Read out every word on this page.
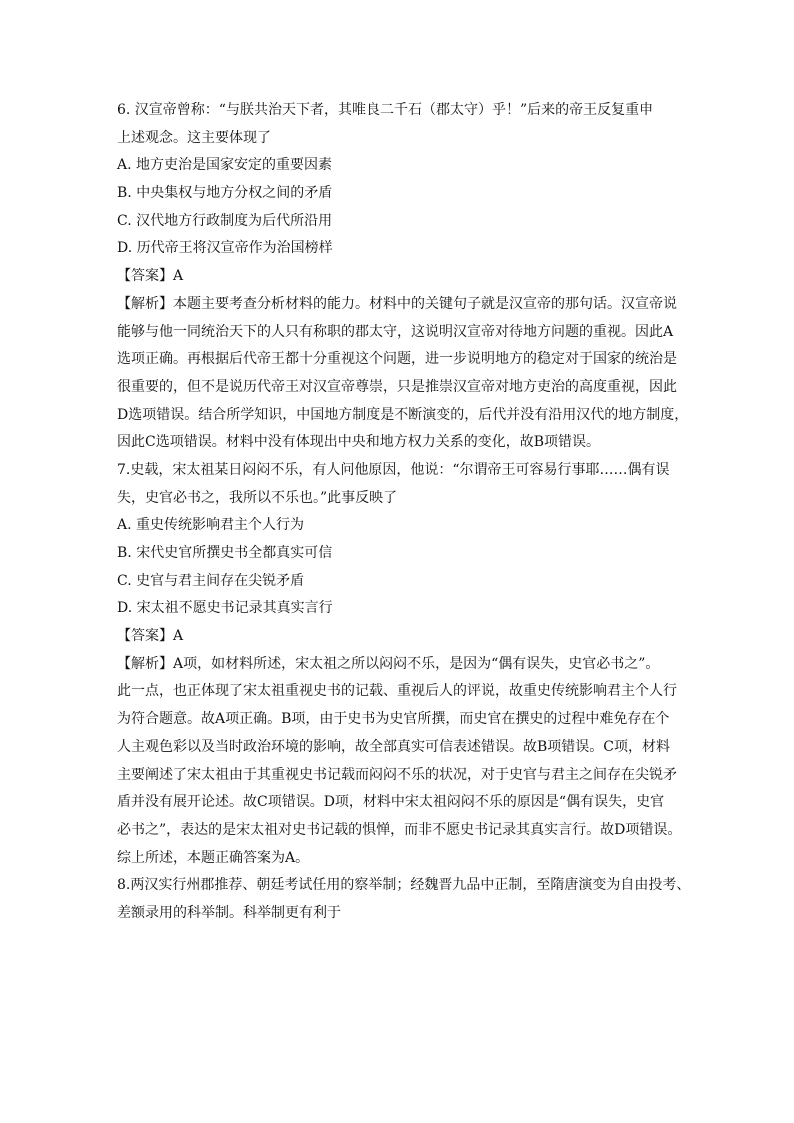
6. 汉宣帝曾称：“与朕共治天下者，其唯良二千石（郡太守）乎！”后来的帝王反复重申
上述观念。这主要体现了
A. 地方吏治是国家安定的重要因素
B. 中央集权与地方分权之间的矛盾
C. 汉代地方行政制度为后代所沿用
D. 历代帝王将汉宣帝作为治国榜样
【答案】A
【解析】本题主要考查分析材料的能力。材料中的关键句子就是汉宣帝的那句话。汉宣帝说
能够与他一同统治天下的人只有称职的郡太守，这说明汉宣帝对待地方问题的重视。因此A
选项正确。再根据后代帝王都十分重视这个问题，进一步说明地方的稳定对于国家的统治是
很重要的，但不是说历代帝王对汉宣帝尊崇，只是推崇汉宣帝对地方吏治的高度重视，因此
D选项错误。结合所学知识，中国地方制度是不断演变的，后代并没有沿用汉代的地方制度，
因此C选项错误。材料中没有体现出中央和地方权力关系的变化，故B项错误。
7.史载，宋太祖某日闷闷不乐，有人问他原因，他说：“尔谓帝王可容易行事耶……偶有误
失，史官必书之，我所以不乐也。”此事反映了
A. 重史传统影响君主个人行为
B. 宋代史官所撰史书全都真实可信
C. 史官与君主间存在尖锐矛盾
D. 宋太祖不愿史书记录其真实言行
【答案】A
【解析】A项，如材料所述，宋太祖之所以闷闷不乐，是因为“偶有误失，史官必书之”。
此一点，也正体现了宋太祖重视史书的记载、重视后人的评说，故重史传统影响君主个人行
为符合题意。故A项正确。B项，由于史书为史官所撰，而史官在撰史的过程中难免存在个
人主观色彩以及当时政治环境的影响，故全部真实可信表述错误。故B项错误。C项，材料
主要阐述了宋太祖由于其重视史书记载而闷闷不乐的状况，对于史官与君主之间存在尖锐矛
盾并没有展开论述。故C项错误。D项，材料中宋太祖闷闷不乐的原因是“偶有误失，史官
必书之”，表达的是宋太祖对史书记载的惧惮，而非不愿史书记录其真实言行。故D项错误。
综上所述，本题正确答案为A。
8.两汉实行州郡推荐、朝廷考试任用的察举制；经魏晋九品中正制，至隋唐演变为自由投考、
差额录用的科举制。科举制更有利于
